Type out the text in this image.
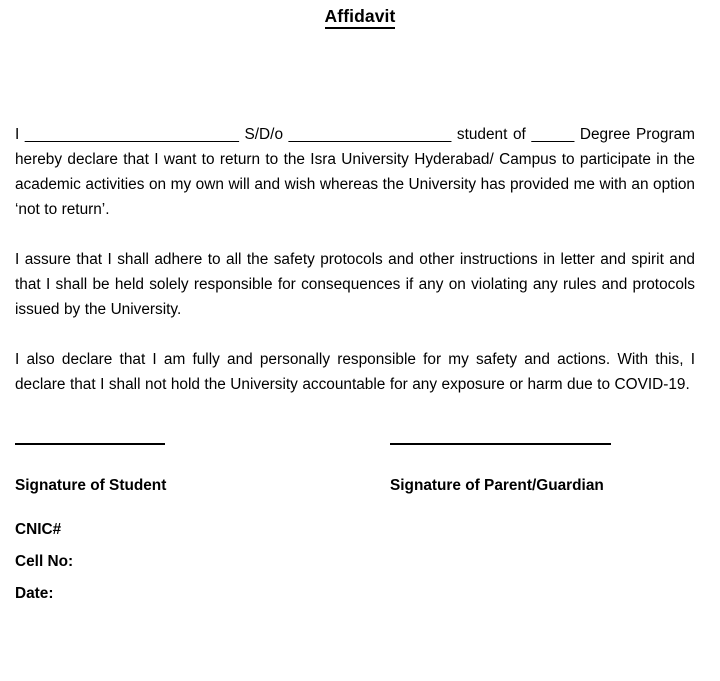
Affidavit

I _________________________ S/D/o ___________________ student of _____ Degree Program hereby declare that I want to return to the Isra University Hyderabad/ Campus to participate in the academic activities on my own will and wish whereas the University has provided me with an option ‘not to return’.

I assure that I shall adhere to all the safety protocols and other instructions in letter and spirit and that I shall be held solely responsible for consequences if any on violating any rules and protocols issued by the University.

I also declare that I am fully and personally responsible for my safety and actions. With this, I declare that I shall not hold the University accountable for any exposure or harm due to COVID-19.

Signature of Student	Signature of Parent/Guardian
CNIC#
Cell No:
Date:
